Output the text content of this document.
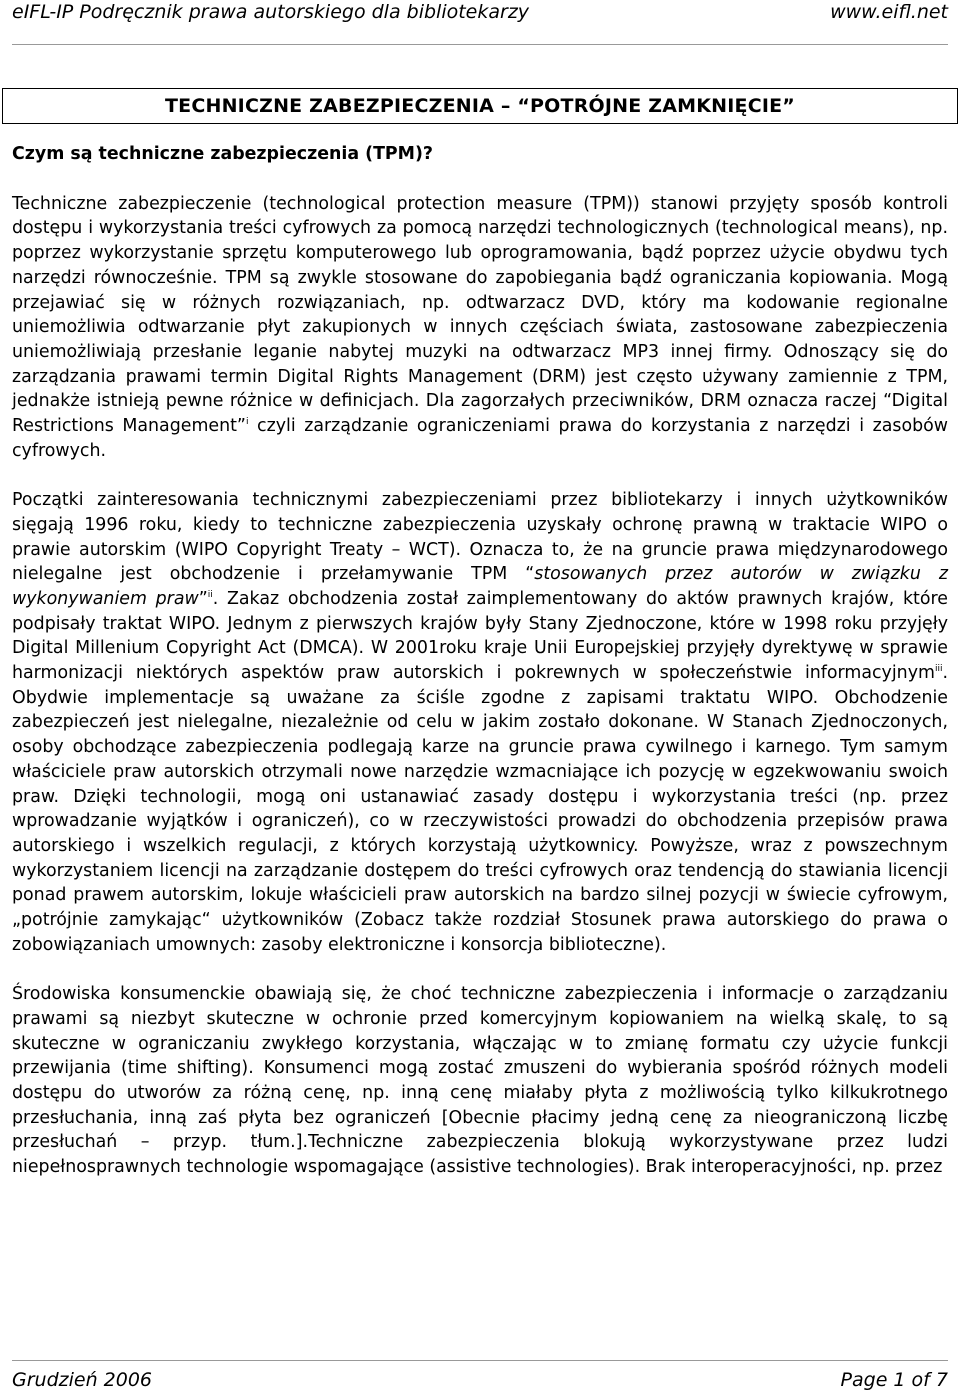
eIFL-IP Podręcznik prawa autorskiego dla bibliotekarzy	www.eifl.net
TECHNICZNE ZABEZPIECZENIA – “POTRÓJNE ZAMKNIĘCIE”
Czym są techniczne zabezpieczenia (TPM)?

Techniczne zabezpieczenie (technological protection measure (TPM)) stanowi przyjęty sposób kontroli dostępu i wykorzystania treści cyfrowych za pomocą narzędzi technologicznych (technological means), np. poprzez wykorzystanie sprzętu komputerowego lub oprogramowania, bądź poprzez użycie obydwu tych narzędzi równocześnie. TPM są zwykle stosowane do zapobiegania bądź ograniczania kopiowania. Mogą przejawiać się w różnych rozwiązaniach, np. odtwarzacz DVD, który ma kodowanie regionalne uniemożliwia odtwarzanie płyt zakupionych w innych częściach świata, zastosowane zabezpieczenia uniemożliwiają przesłanie leganie nabytej muzyki na odtwarzacz MP3 innej firmy. Odnoszący się do zarządzania prawami termin Digital Rights Management (DRM) jest często używany zamiennie z TPM, jednakże istnieją pewne różnice w definicjach. Dla zagorzałych przeciwników, DRM oznacza raczej “Digital Restrictions Management”$^i$ czyli zarządzanie ograniczeniami prawa do korzystania z narzędzi i zasobów cyfrowych.

Początki zainteresowania technicznymi zabezpieczeniami przez bibliotekarzy i innych użytkowników sięgają 1996 roku, kiedy to techniczne zabezpieczenia uzyskały ochronę prawną w traktacie WIPO o prawie autorskim (WIPO Copyright Treaty – WCT). Oznacza to, że na gruncie prawa międzynarodowego nielegalne jest obchodzenie i przełamywanie TPM “stosowanych przez autorów w związku z wykonywaniem praw”$^{ii}$. Zakaz obchodzenia został zaimplementowany do aktów prawnych krajów, które podpisały traktat WIPO. Jednym z pierwszych krajów były Stany Zjednoczone, które w 1998 roku przyjęły Digital Millenium Copyright Act (DMCA). W 2001roku kraje Unii Europejskiej przyjęły dyrektywę w sprawie harmonizacji niektórych aspektów praw autorskich i pokrewnych w społeczeństwie informacyjnym$^{iii}$. Obydwie implementacje są uważane za ściśle zgodne z zapisami traktatu WIPO. Obchodzenie zabezpieczeń jest nielegalne, niezależnie od celu w jakim zostało dokonane. W Stanach Zjednoczonych, osoby obchodzące zabezpieczenia podlegają karze na gruncie prawa cywilnego i karnego. Tym samym właściciele praw autorskich otrzymali nowe narzędzie wzmacniające ich pozycję w egzekwowaniu swoich praw. Dzięki technologii, mogą oni ustanawiać zasady dostępu i wykorzystania treści (np. przez wprowadzanie wyjątków i ograniczeń), co w rzeczywistości prowadzi do obchodzenia przepisów prawa autorskiego i wszelkich regulacji, z których korzystają użytkownicy. Powyższe, wraz z powszechnym wykorzystaniem licencji na zarządzanie dostępem do treści cyfrowych oraz tendencją do stawiania licencji ponad prawem autorskim, lokuje właścicieli praw autorskich na bardzo silnej pozycji w świecie cyfrowym, „potrójnie zamykając“ użytkowników (Zobacz także rozdział Stosunek prawa autorskiego do prawa o zobowiązaniach umownych: zasoby elektroniczne i konsorcja biblioteczne).

Środowiska konsumenckie obawiają się, że choć techniczne zabezpieczenia i informacje o zarządzaniu prawami są niezbyt skuteczne w ochronie przed komercyjnym kopiowaniem na wielką skalę, to są skuteczne w ograniczaniu zwykłego korzystania, włączając w to zmianę formatu czy użycie funkcji przewijania (time shifting). Konsumenci mogą zostać zmuszeni do wybierania spośród różnych modeli dostępu do utworów za różną cenę, np. inną cenę miałaby płyta z możliwością tylko kilkukrotnego przesłuchania, inną zaś płyta bez ograniczeń [Obecnie płacimy jedną cenę za nieograniczoną liczbę przesłuchań – przyp. tłum.].Techniczne zabezpieczenia blokują wykorzystywane przez ludzi niepełnosprawnych technologie wspomagające (assistive technologies). Brak interoperacyjności, np. przez

Grudzień 2006	Page 1 of 7
